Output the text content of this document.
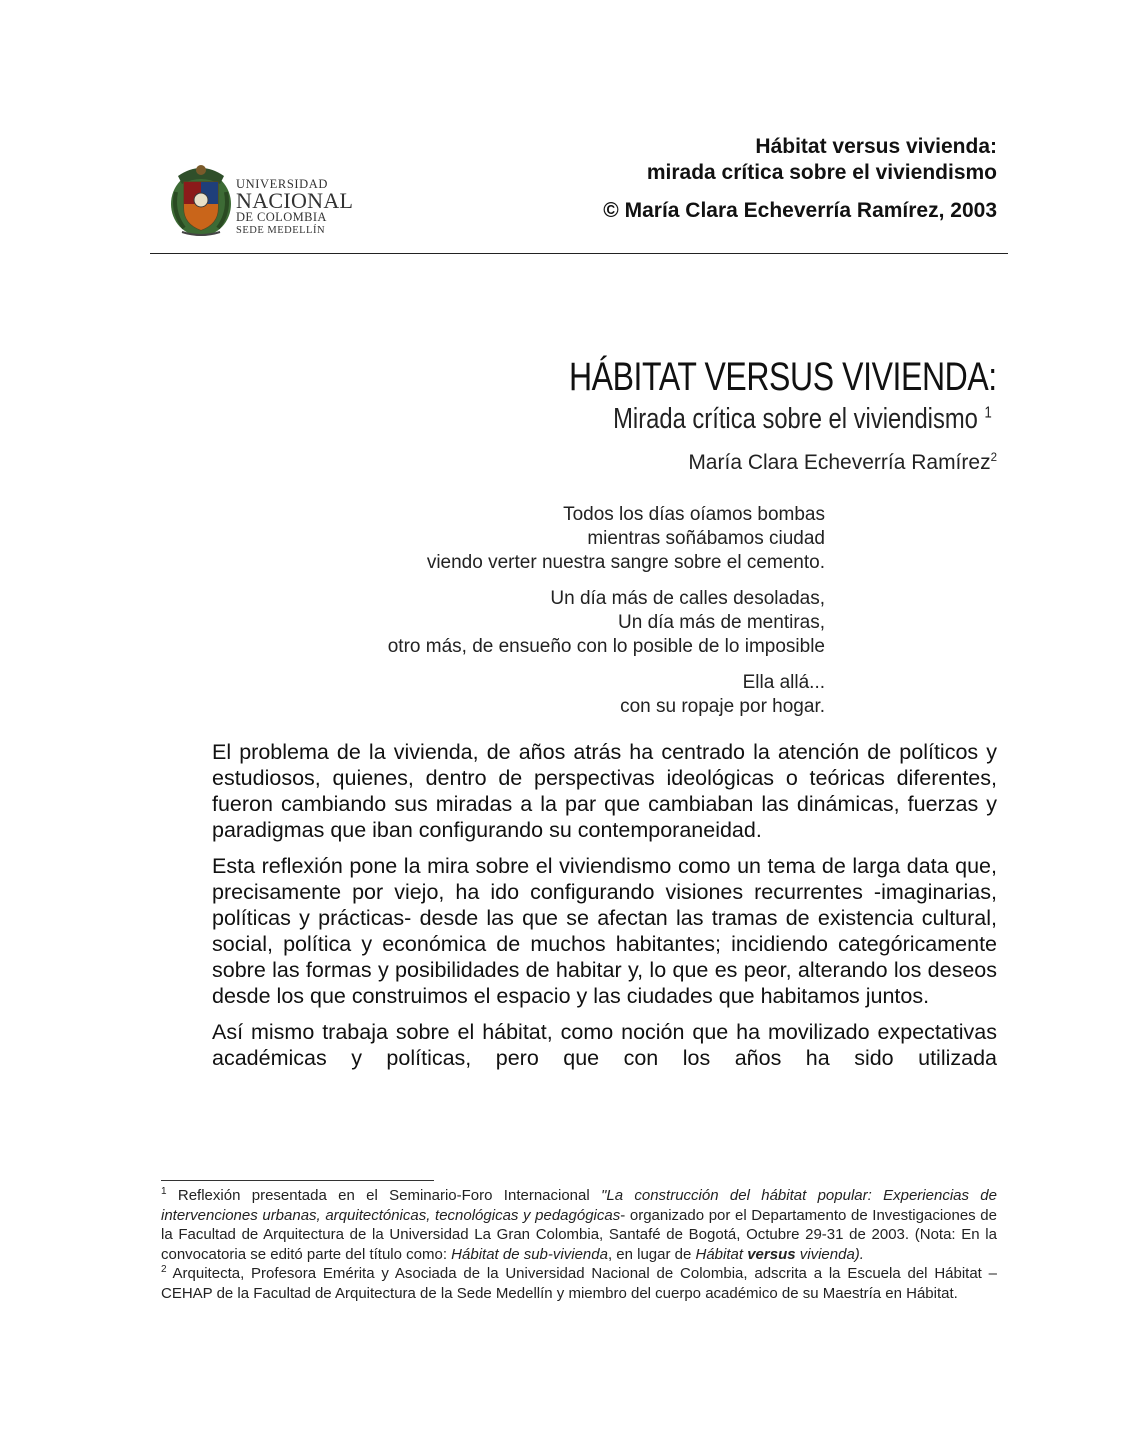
UNIVERSIDAD
NACIONAL
DE COLOMBIA
SEDE MEDELLÍN
Hábitat versus vivienda:
mirada crítica sobre el viviendismo
© María Clara Echeverría Ramírez, 2003
HÁBITAT VERSUS VIVIENDA:
Mirada crítica sobre el viviendismo $^1$
María Clara Echeverría Ramírez$^2$
Todos los días oíamos bombas
mientras soñábamos ciudad
viendo verter nuestra sangre sobre el cemento.
Un día más de calles desoladas,
Un día más de mentiras,
otro más, de ensueño con lo posible de lo imposible
Ella allá...
con su ropaje por hogar.

El problema de la vivienda, de años atrás ha centrado la atención de políticos y estudiosos, quienes, dentro de perspectivas ideológicas o teóricas diferentes, fueron cambiando sus miradas a la par que cambiaban las dinámicas, fuerzas y paradigmas que iban configurando su contemporaneidad.

Esta reflexión pone la mira sobre el viviendismo como un tema de larga data que, precisamente por viejo, ha ido configurando visiones recurrentes -imaginarias, políticas y prácticas- desde las que se afectan las tramas de existencia cultural, social, política y económica de muchos habitantes; incidiendo categóricamente sobre las formas y posibilidades de habitar y, lo que es peor, alterando los deseos desde los que construimos el espacio y las ciudades que habitamos juntos.

Así mismo trabaja sobre el hábitat, como noción que ha movilizado expectativas académicas y políticas, pero que con los años ha sido utilizada

$^1$ Reflexión presentada en el Seminario-Foro Internacional "La construcción del hábitat popular: Experiencias de intervenciones urbanas, arquitectónicas, tecnológicas y pedagógicas- organizado por el Departamento de Investigaciones de la Facultad de Arquitectura de la Universidad La Gran Colombia, Santafé de Bogotá, Octubre 29-31 de 2003. (Nota: En la convocatoria se editó parte del título como: Hábitat de sub-vivienda, en lugar de Hábitat versus vivienda).

$^2$ Arquitecta, Profesora Emérita y Asociada de la Universidad Nacional de Colombia, adscrita a la Escuela del Hábitat – CEHAP de la Facultad de Arquitectura de la Sede Medellín y miembro del cuerpo académico de su Maestría en Hábitat.
